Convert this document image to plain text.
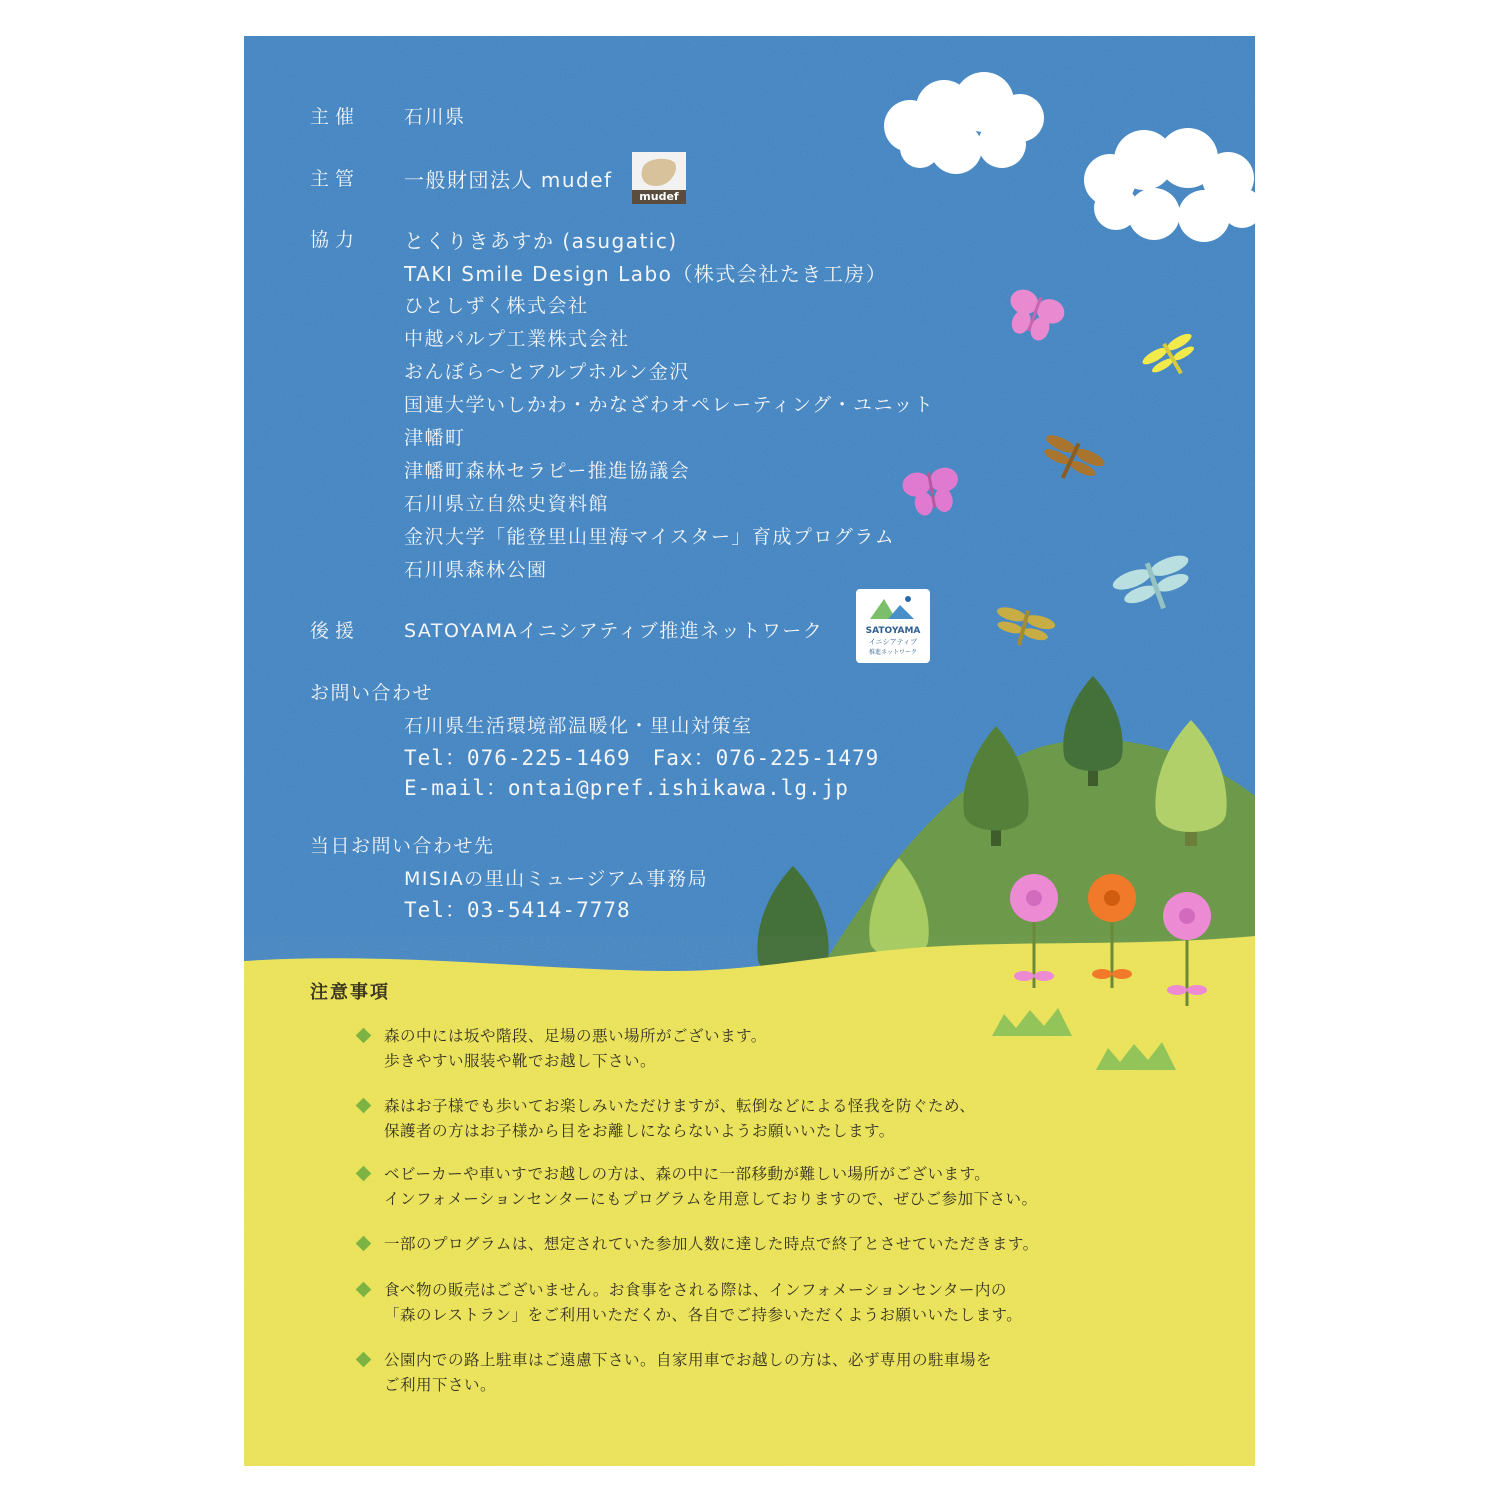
主催 石川県
主管 一般財団法人 mudef
mudef
協力 とくりきあすか (asugatic)
TAKI Smile Design Labo（株式会社たき工房）
ひとしずく株式会社
中越パルプ工業株式会社
おんぼら〜とアルプホルン金沢
国連大学いしかわ・かなざわオペレーティング・ユニット
津幡町
津幡町森林セラピー推進協議会
石川県立自然史資料館
金沢大学「能登里山里海マイスター」育成プログラム
石川県森林公園
後援 SATOYAMAイニシアティブ推進ネットワーク	SATOYAMA
イニシアティブ
推進ネットワーク
お問い合わせ
石川県生活環境部温暖化・里山対策室
Tel：076-225-1469　Fax：076-225-1479
E-mail：ontai@pref.ishikawa.lg.jp
当日お問い合わせ先
MISIAの里山ミュージアム事務局
Tel：03-5414-7778
注意事項
森の中には坂や階段、足場の悪い場所がございます。
歩きやすい服装や靴でお越し下さい。
森はお子様でも歩いてお楽しみいただけますが、転倒などによる怪我を防ぐため、
保護者の方はお子様から目をお離しにならないようお願いいたします。
ベビーカーや車いすでお越しの方は、森の中に一部移動が難しい場所がございます。
インフォメーションセンターにもプログラムを用意しておりますので、ぜひご参加下さい。
一部のプログラムは、想定されていた参加人数に達した時点で終了とさせていただきます。
食べ物の販売はございません。お食事をされる際は、インフォメーションセンター内の
「森のレストラン」をご利用いただくか、各自でご持参いただくようお願いいたします。
公園内での路上駐車はご遠慮下さい。自家用車でお越しの方は、必ず専用の駐車場を
ご利用下さい。
